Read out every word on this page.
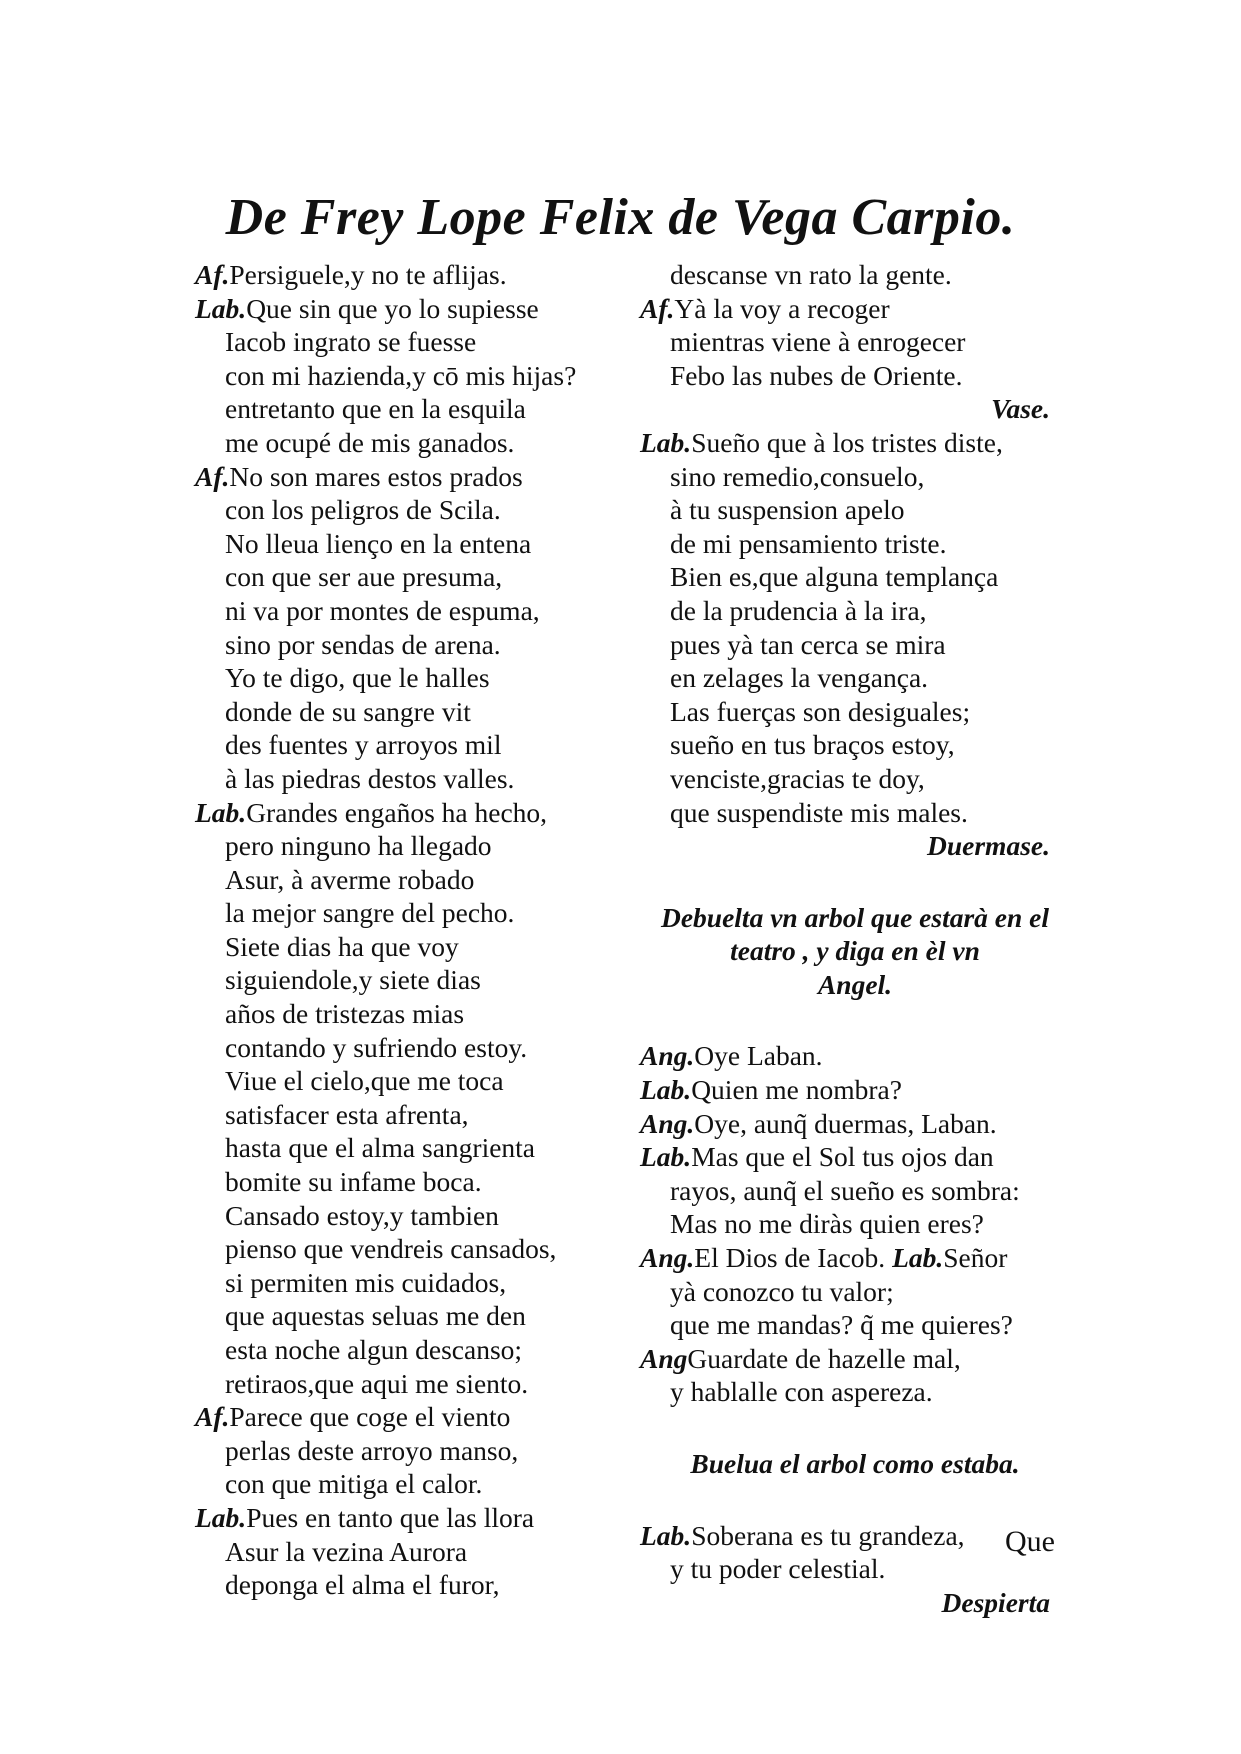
De Frey Lope Felix de Vega Carpio.
Af.Persiguele,y no te aflijas.
Lab.Que sin que yo lo supiesse
Iacob ingrato se fuesse
con mi hazienda,y cō mis hijas?
entretanto que en la esquila
me ocupé de mis ganados.
Af.No son mares estos prados
con los peligros de Scila.
No lleua lienço en la entena
con que ser aue presuma,
ni va por montes de espuma,
sino por sendas de arena.
Yo te digo, que le halles
donde de su sangre vit
des fuentes y arroyos mil
à las piedras destos valles.
Lab.Grandes engaños ha hecho,
pero ninguno ha llegado
Asur, à averme robado
la mejor sangre del pecho.
Siete dias ha que voy
siguiendole,y siete dias
años de tristezas mias
contando y sufriendo estoy.
Viue el cielo,que me toca
satisfacer esta afrenta,
hasta que el alma sangrienta
bomite su infame boca.
Cansado estoy,y tambien
pienso que vendreis cansados,
si permiten mis cuidados,
que aquestas seluas me den
esta noche algun descanso;
retiraos,que aqui me siento.
Af.Parece que coge el viento
perlas deste arroyo manso,
con que mitiga el calor.
Lab.Pues en tanto que las llora
Asur la vezina Aurora
deponga el alma el furor,
descanse vn rato la gente.
Af.Yà la voy a recoger
mientras viene à enrogecer
Febo las nubes de Oriente.
Vase.
Lab.Sueño que à los tristes diste,
sino remedio,consuelo,
à tu suspension apelo
de mi pensamiento triste.
Bien es,que alguna templança
de la prudencia à la ira,
pues yà tan cerca se mira
en zelages la vengança.
Las fuerças son desiguales;
sueño en tus braços estoy,
venciste,gracias te doy,
que suspendiste mis males.
Duermase.
Debuelta vn arbol que estarà en el
teatro , y diga en èl vn
Angel.
Ang.Oye Laban.
Lab.Quien me nombra?
Ang.Oye, aunq̃ duermas, Laban.
Lab.Mas que el Sol tus ojos dan
rayos, aunq̃ el sueño es sombra:
Mas no me diràs quien eres?
Ang.El Dios de Iacob. Lab.Señor
yà conozco tu valor;
que me mandas? q̃ me quieres?
AngGuardate de hazelle mal,
y hablalle con aspereza.
Buelua el arbol como estaba.
Lab.Soberana es tu grandeza,
y tu poder celestial.
Despierta
Que
